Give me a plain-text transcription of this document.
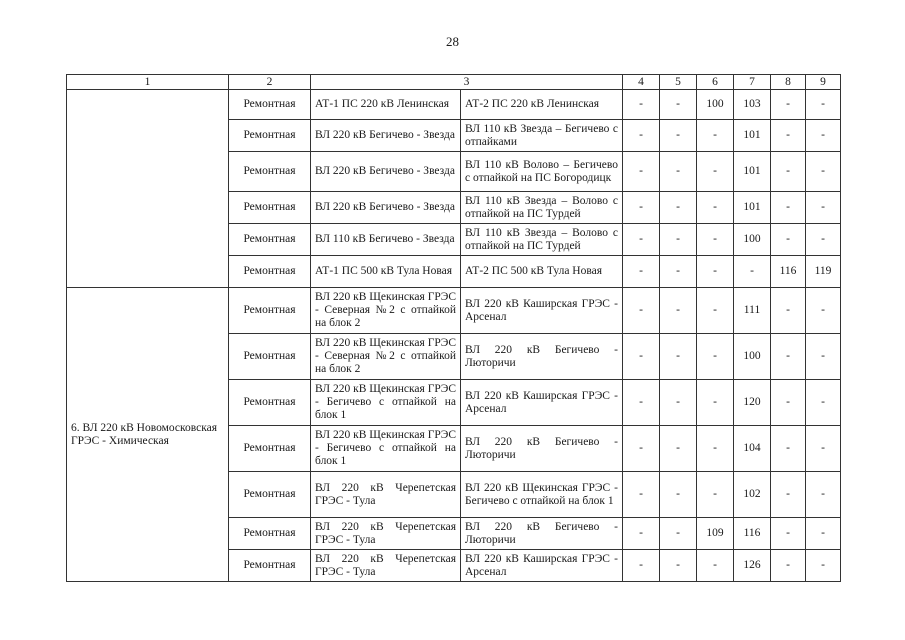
28
1	2	3		4	5	6	7	8	9
	Ремонтная	АТ-1 ПС 220 кВ Ленинская	АТ-2 ПС 220 кВ Ленинская	-	-	100	103	-	-
	Ремонтная	ВЛ 220 кВ Бегичево - Звезда	ВЛ 110 кВ Звезда – Бегичево с отпайками	-	-	-	101	-	-
	Ремонтная	ВЛ 220 кВ Бегичево - Звезда	ВЛ 110 кВ Волово – Бегичево с отпайкой на ПС Богородицк	-	-	-	101	-	-
	Ремонтная	ВЛ 220 кВ Бегичево - Звезда	ВЛ 110 кВ Звезда – Волово с отпайкой на ПС Турдей	-	-	-	101	-	-
	Ремонтная	ВЛ 110 кВ Бегичево - Звезда	ВЛ 110 кВ Звезда – Волово с отпайкой на ПС Турдей	-	-	-	100	-	-
	Ремонтная	АТ-1 ПС 500 кВ Тула Новая	АТ-2 ПС 500 кВ Тула Новая	-	-	-	-	116	119
6. ВЛ 220 кВ Новомосковская ГРЭС - Химическая	Ремонтная	ВЛ 220 кВ Щекинская ГРЭС - Северная №2 с отпайкой на блок 2	ВЛ 220 кВ Каширская ГРЭС - Арсенал	-	-	-	111	-	-
	Ремонтная	ВЛ 220 кВ Щекинская ГРЭС - Северная №2 с отпайкой на блок 2	ВЛ 220 кВ Бегичево - Лютоpичи	-	-	-	100	-	-
	Ремонтная	ВЛ 220 кВ Щекинская ГРЭС - Бегичево с отпайкой на блок 1	ВЛ 220 кВ Каширская ГРЭС - Арсенал	-	-	-	120	-	-
	Ремонтная	ВЛ 220 кВ Щекинская ГРЭС - Бегичево с отпайкой на блок 1	ВЛ 220 кВ Бегичево - Лютоpичи	-	-	-	104	-	-
	Ремонтная	ВЛ 220 кВ Черепетская ГРЭС - Тула	ВЛ 220 кВ Щекинская ГРЭС - Бегичево с отпайкой на блок 1	-	-	-	102	-	-
	Ремонтная	ВЛ 220 кВ Черепетская ГРЭС - Тула	ВЛ 220 кВ Бегичево - Лютоpичи	-	-	109	116	-	-
	Ремонтная	ВЛ 220 кВ Черепетская ГРЭС - Тула	ВЛ 220 кВ Каширская ГРЭС - Арсенал	-	-	-	126	-	-
